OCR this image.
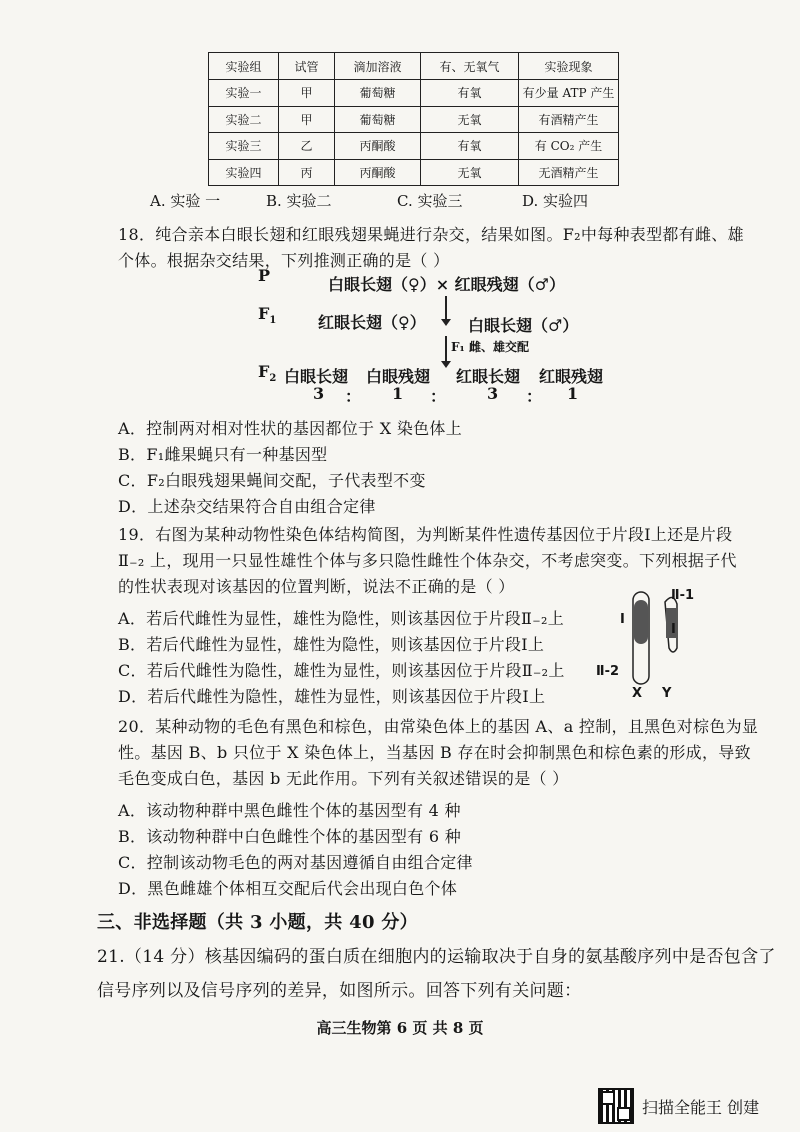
实验组	试管	滴加溶液	有、无氧气	实验现象
实验一	甲	葡萄糖	有氧	有少量 ATP 产生
实验二	甲	葡萄糖	无氧	有酒精产生
实验三	乙	丙酮酸	有氧	有 CO₂ 产生
实验四	丙	丙酮酸	无氧	无酒精产生
A. 实验 一	B. 实验二	C. 实验三	D. 实验四
18．纯合亲本白眼长翅和红眼残翅果蝇进行杂交，结果如图。F₂中每种表型都有雌、雄
个体。根据杂交结果，下列推测正确的是（ ）
P	白眼长翅（♀）× 红眼残翅（♂）
$F_1$	红眼长翅（♀）	白眼长翅（♂）
F₁ 雌、雄交配
$F_2$ 白眼长翅 白眼残翅 红眼长翅 红眼残翅
3 ： 1 ：	3 ： 1
A．控制两对相对性状的基因都位于 X 染色体上
B．F₁雌果蝇只有一种基因型
C．F₂白眼残翅果蝇间交配，子代表型不变
D．上述杂交结果符合自由组合定律
19．右图为某种动物性染色体结构简图，为判断某件性遗传基因位于片段Ⅰ上还是片段
Ⅱ₋₂ 上，现用一只显性雄性个体与多只隐性雌性个体杂交，不考虑突变。下列根据子代
的性状表现对该基因的位置判断，说法不正确的是（ ）
A．若后代雌性为显性，雄性为隐性，则该基因位于片段Ⅱ₋₂上
B．若后代雌性为显性，雄性为隐性，则该基因位于片段Ⅰ上
C．若后代雌性为隐性，雄性为显性，则该基因位于片段Ⅱ₋₂上
D．若后代雌性为隐性，雄性为显性，则该基因位于片段Ⅰ上
Ⅱ-1
Ⅰ
Ⅰ
Ⅱ-2
X Y
20．某种动物的毛色有黑色和棕色，由常染色体上的基因 A、a 控制，且黑色对棕色为显
性。基因 B、b 只位于 X 染色体上，当基因 B 存在时会抑制黑色和棕色素的形成，导致
毛色变成白色，基因 b 无此作用。下列有关叙述错误的是（ ）
A．该动物种群中黑色雌性个体的基因型有 4 种
B．该动物种群中白色雌性个体的基因型有 6 种
C．控制该动物毛色的两对基因遵循自由组合定律
D．黑色雌雄个体相互交配后代会出现白色个体
三、非选择题（共 3 小题，共 40 分）
21.（14 分）核基因编码的蛋白质在细胞内的运输取决于自身的氨基酸序列中是否包含了
信号序列以及信号序列的差异，如图所示。回答下列有关问题：
高三生物第 6 页 共 8 页
扫描全能王 创建
